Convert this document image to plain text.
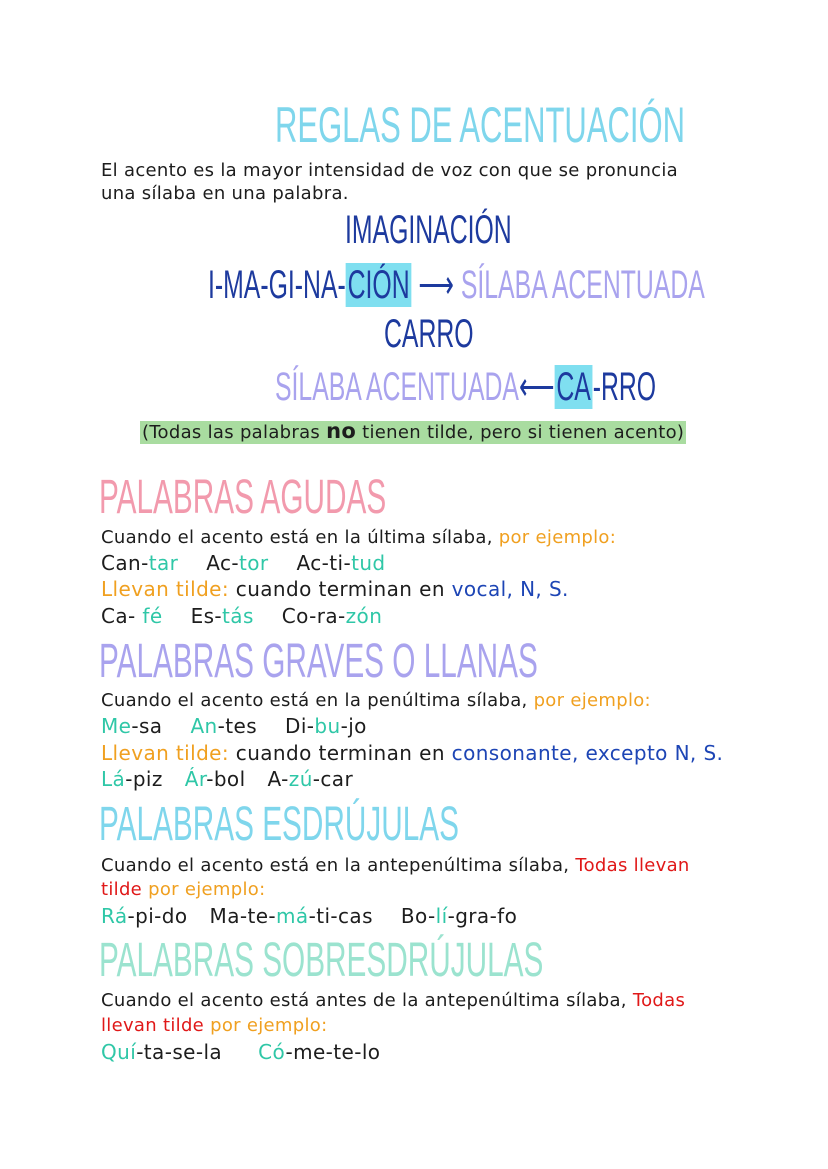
REGLAS DE ACENTUACIÓN
El acento es la mayor intensidad de voz con que se pronuncia
una sílaba en una palabra.
IMAGINACIÓN
I-MA-GI-NA-CIÓN ⟶ SÍLABA ACENTUADA
CARRO
SÍLABA ACENTUADA⟵CA-RRO
(Todas las palabras no tienen tilde, pero si tienen acento)
PALABRAS AGUDAS
Cuando el acento está en la última sílaba, por ejemplo:
Can-tar Ac-tor Ac-ti-tud
Llevan tilde: cuando terminan en vocal, N, S.
Ca- fé Es-tás Co-ra-zón
PALABRAS GRAVES O LLANAS
Cuando el acento está en la penúltima sílaba, por ejemplo:
Me-sa An-tes Di-bu-jo
Llevan tilde: cuando terminan en consonante, excepto N, S.
Lá-piz Ár-bol A-zú-car
PALABRAS ESDRÚJULAS
Cuando el acento está en la antepenúltima sílaba, Todas llevan
tilde por ejemplo:
Rá-pi-do Ma-te-má-ti-cas Bo-lí-gra-fo
PALABRAS SOBRESDRÚJULAS
Cuando el acento está antes de la antepenúltima sílaba, Todas
llevan tilde por ejemplo:
Quí-ta-se-la Có-me-te-lo
